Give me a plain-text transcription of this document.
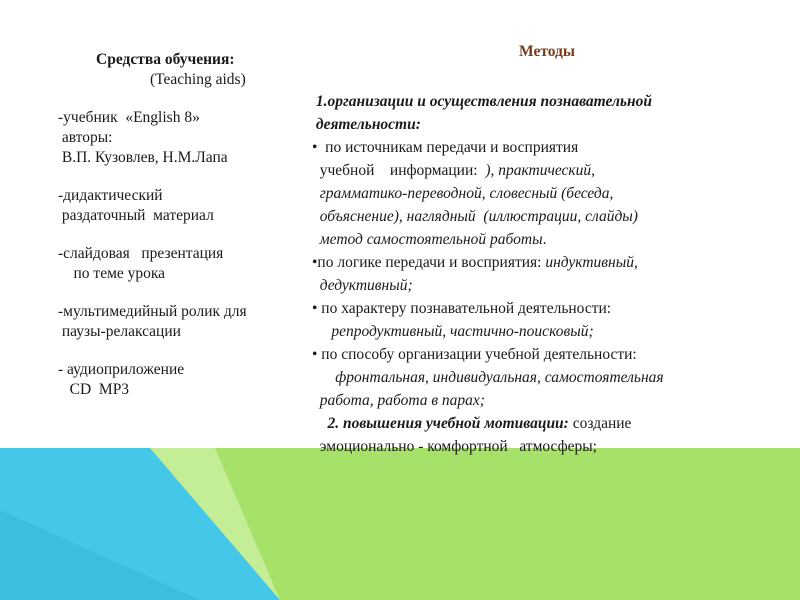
Средства обучения:
(Teaching aids)
-учебник  «English 8»
авторы:
В.П. Кузовлев, Н.М.Лапа
-дидактический
раздаточный  материал
-слайдовая   презентация
по теме урока
-мультимедийный ролик для
паузы-релаксации
- аудиоприложение
CD  MP3
Методы
1.организации и осуществления познавательной
деятельности:
•  по источникам передачи и восприятия
учебной    информации:  ), практический,
грамматико-переводной, словесный (беседа,
объяснение), наглядный  (иллюстрации, слайды)
метод самостоятельной работы.
•по логике передачи и восприятия: индуктивный,
дедуктивный;
• по характеру познавательной деятельности:
репродуктивный, частично-поисковый;
• по способу организации учебной деятельности:
фронтальная, индивидуальная, самостоятельная
работа, работа в парах;
2. повышения учебной мотивации: создание
эмоционально - комфортной   атмосферы;
